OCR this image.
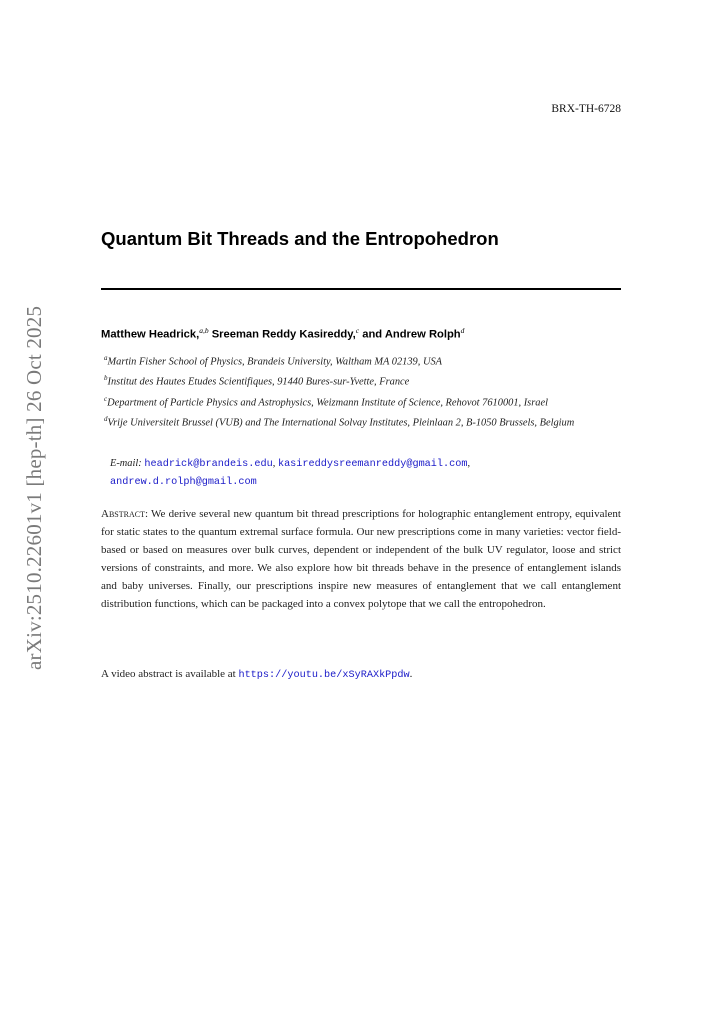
arXiv:2510.22601v1 [hep-th] 26 Oct 2025
BRX-TH-6728
Quantum Bit Threads and the Entropohedron
Matthew Headrick,$^{a,b}$ Sreeman Reddy Kasireddy,$^c$ and Andrew Rolph$^d$
$^a$Martin Fisher School of Physics, Brandeis University, Waltham MA 02139, USA
$^b$Institut des Hautes Etudes Scientifiques, 91440 Bures-sur-Yvette, France
$^c$Department of Particle Physics and Astrophysics, Weizmann Institute of Science, Rehovot 7610001, Israel
$^d$Vrije Universiteit Brussel (VUB) and The International Solvay Institutes, Pleinlaan 2, B-1050 Brussels, Belgium
E-mail: headrick@brandeis.edu, kasireddysreemanreddy@gmail.com,
andrew.d.rolph@gmail.com
Abstract: We derive several new quantum bit thread prescriptions for holographic entanglement entropy, equivalent for static states to the quantum extremal surface formula. Our new prescriptions come in many varieties: vector field-based or based on measures over bulk curves, dependent or independent of the bulk UV regulator, loose and strict versions of constraints, and more. We also explore how bit threads behave in the presence of entanglement islands and baby universes. Finally, our prescriptions inspire new measures of entanglement that we call entanglement distribution functions, which can be packaged into a convex polytope that we call the entropohedron.
A video abstract is available at https://youtu.be/xSyRAXkPpdw.
